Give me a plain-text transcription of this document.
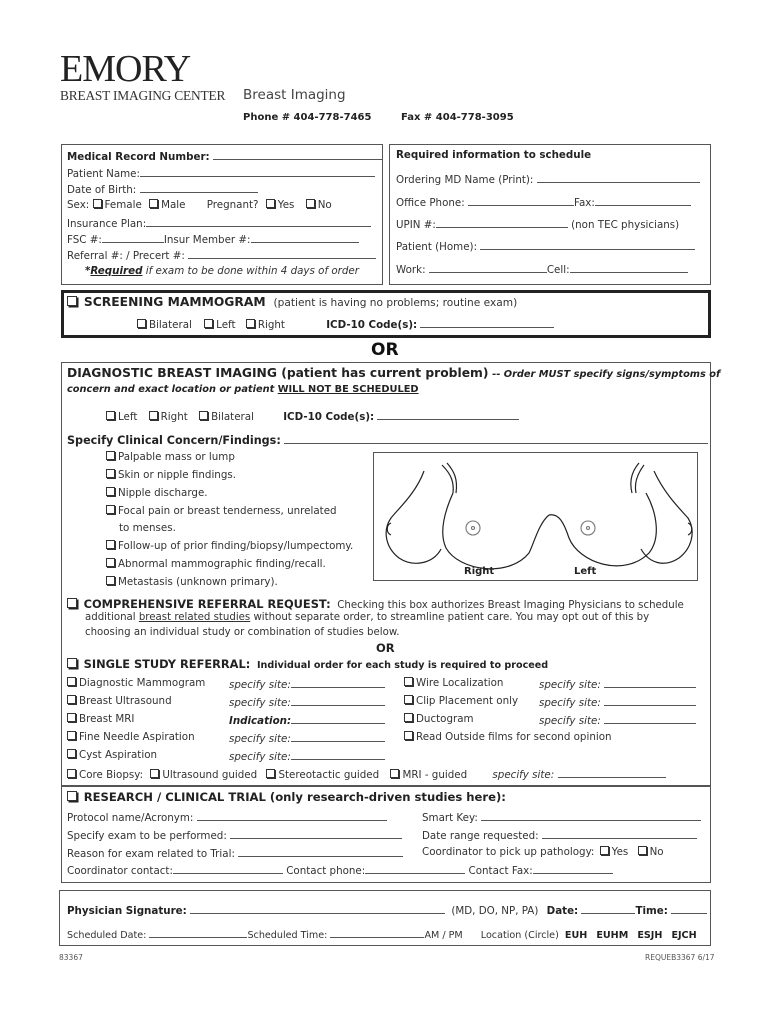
EMORY
BREAST IMAGING CENTER Breast Imaging
Phone # 404-778-7465	Fax # 404-778-3095
Medical Record Number:
Patient Name:
Date of Birth:
Sex: Female Male Pregnant? Yes No
Insurance Plan:
FSC #:	Insur Member #:
Referral #: / Precert #:
*Required if exam to be done within 4 days of order
Required information to schedule
Ordering MD Name (Print):
Office Phone:	Fax:
UPIN #:	(non TEC physicians)
Patient (Home):
Work:	Cell:
SCREENING MAMMOGRAM (patient is having no problems; routine exam)
Bilateral Left Right	ICD-10 Code(s):
OR
DIAGNOSTIC BREAST IMAGING (patient has current problem) -- Order MUST specify signs/symptoms of
concern and exact location or patient WILL NOT BE SCHEDULED
Left Right Bilateral	ICD-10 Code(s):
Specify Clinical Concern/Findings:
Palpable mass or lump
Skin or nipple findings.
Nipple discharge.
Focal pain or breast tenderness, unrelated
to menses.
Follow-up of prior finding/biopsy/lumpectomy.
Abnormal mammographic finding/recall.
Metastasis (unknown primary).
Right	Left
COMPREHENSIVE REFERRAL REQUEST: Checking this box authorizes Breast Imaging Physicians to schedule
additional breast related studies without separate order, to streamline patient care. You may opt out of this by
choosing an individual study or combination of studies below.
OR
SINGLE STUDY REFERRAL: Individual order for each study is required to proceed
Diagnostic Mammogram specify site:
Breast Ultrasound	specify site:
Breast MRI	Indication:
Fine Needle Aspiration	specify site:
Cyst Aspiration	specify site:
Wire Localization	specify site:
Clip Placement only specify site:
Ductogram	specify site:
Read Outside films for second opinion
Core Biopsy: Ultrasound guided Stereotactic guided MRI - guided specify site:
RESEARCH / CLINICAL TRIAL (only research-driven studies here):
Protocol name/Acronym:	Smart Key:
Specify exam to be performed:	Date range requested:
Reason for exam related to Trial:	Coordinator to pick up pathology: Yes No
Coordinator contact:	Contact phone:	Contact Fax:
Physician Signature:	(MD, DO, NP, PA) Date:	Time:
Scheduled Date:	Scheduled Time:	AM / PM Location (Circle) EUH EUHM ESJH EJCH
83367	REQUEB3367 6/17
